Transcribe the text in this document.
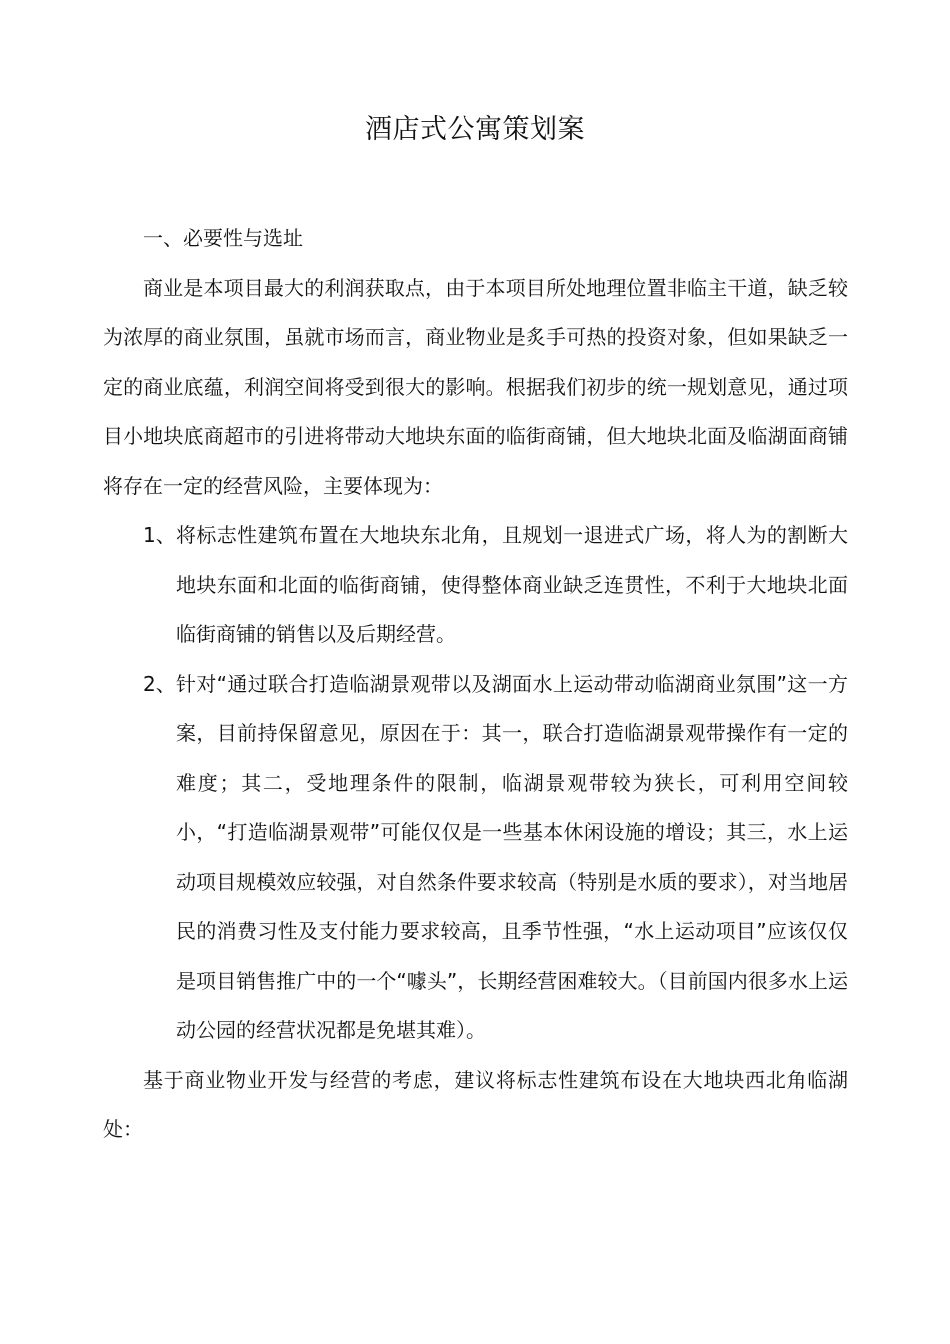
酒店式公寓策划案
一、必要性与选址

商业是本项目最大的利润获取点，由于本项目所处地理位置非临主干道，缺乏较为浓厚的商业氛围，虽就市场而言，商业物业是炙手可热的投资对象，但如果缺乏一定的商业底蕴，利润空间将受到很大的影响。根据我们初步的统一规划意见，通过项目小地块底商超市的引进将带动大地块东面的临街商铺，但大地块北面及临湖面商铺将存在一定的经营风险，主要体现为：

1、 将标志性建筑布置在大地块东北角，且规划一退进式广场，将人为的割断大地块东面和北面的临街商铺，使得整体商业缺乏连贯性，不利于大地块北面临街商铺的销售以及后期经营。
2、 针对“通过联合打造临湖景观带以及湖面水上运动带动临湖商业氛围”这一方案，目前持保留意见，原因在于：其一，联合打造临湖景观带操作有一定的难度；其二，受地理条件的限制，临湖景观带较为狭长，可利用空间较小，“打造临湖景观带”可能仅仅是一些基本休闲设施的增设；其三，水上运动项目规模效应较强，对自然条件要求较高（特别是水质的要求），对当地居民的消费习性及支付能力要求较高，且季节性强，“水上运动项目”应该仅仅是项目销售推广中的一个“噱头”，长期经营困难较大。（目前国内很多水上运动公园的经营状况都是免堪其难）。

基于商业物业开发与经营的考虑，建议将标志性建筑布设在大地块西北角临湖处：
